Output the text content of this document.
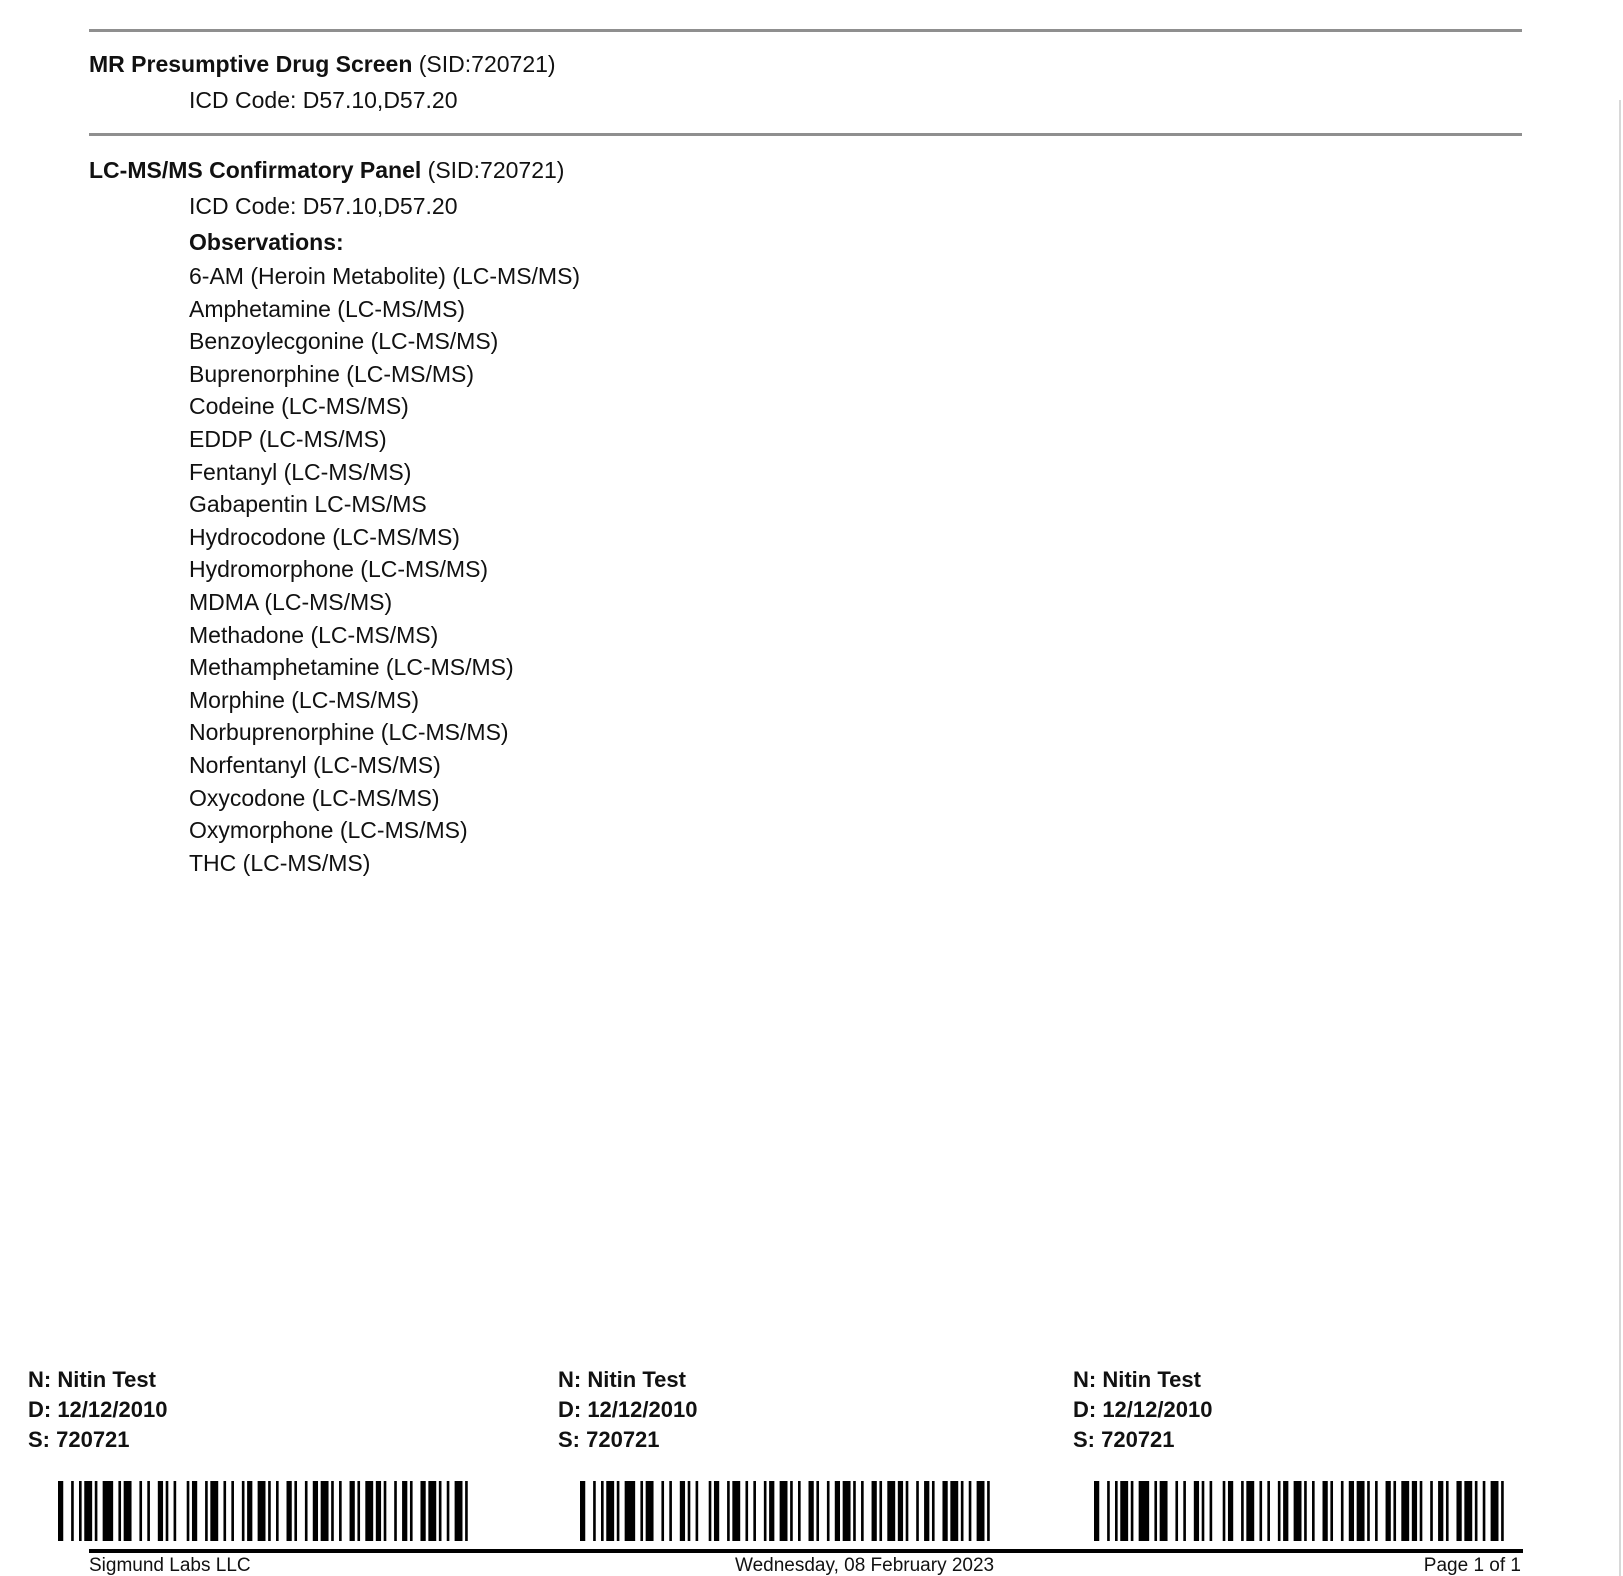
MR Presumptive Drug Screen (SID:720721)
ICD Code: D57.10,D57.20
LC-MS/MS Confirmatory Panel (SID:720721)
ICD Code: D57.10,D57.20
Observations:
6-AM (Heroin Metabolite) (LC-MS/MS)
Amphetamine (LC-MS/MS)
Benzoylecgonine (LC-MS/MS)
Buprenorphine (LC-MS/MS)
Codeine (LC-MS/MS)
EDDP (LC-MS/MS)
Fentanyl (LC-MS/MS)
Gabapentin LC-MS/MS
Hydrocodone (LC-MS/MS)
Hydromorphone (LC-MS/MS)
MDMA (LC-MS/MS)
Methadone (LC-MS/MS)
Methamphetamine (LC-MS/MS)
Morphine (LC-MS/MS)
Norbuprenorphine (LC-MS/MS)
Norfentanyl (LC-MS/MS)
Oxycodone (LC-MS/MS)
Oxymorphone (LC-MS/MS)
THC (LC-MS/MS)
N: Nitin Test
D: 12/12/2010
S: 720721
N: Nitin Test
D: 12/12/2010
S: 720721
N: Nitin Test
D: 12/12/2010
S: 720721
Sigmund Labs LLC	Wednesday, 08 February 2023	Page 1 of 1
